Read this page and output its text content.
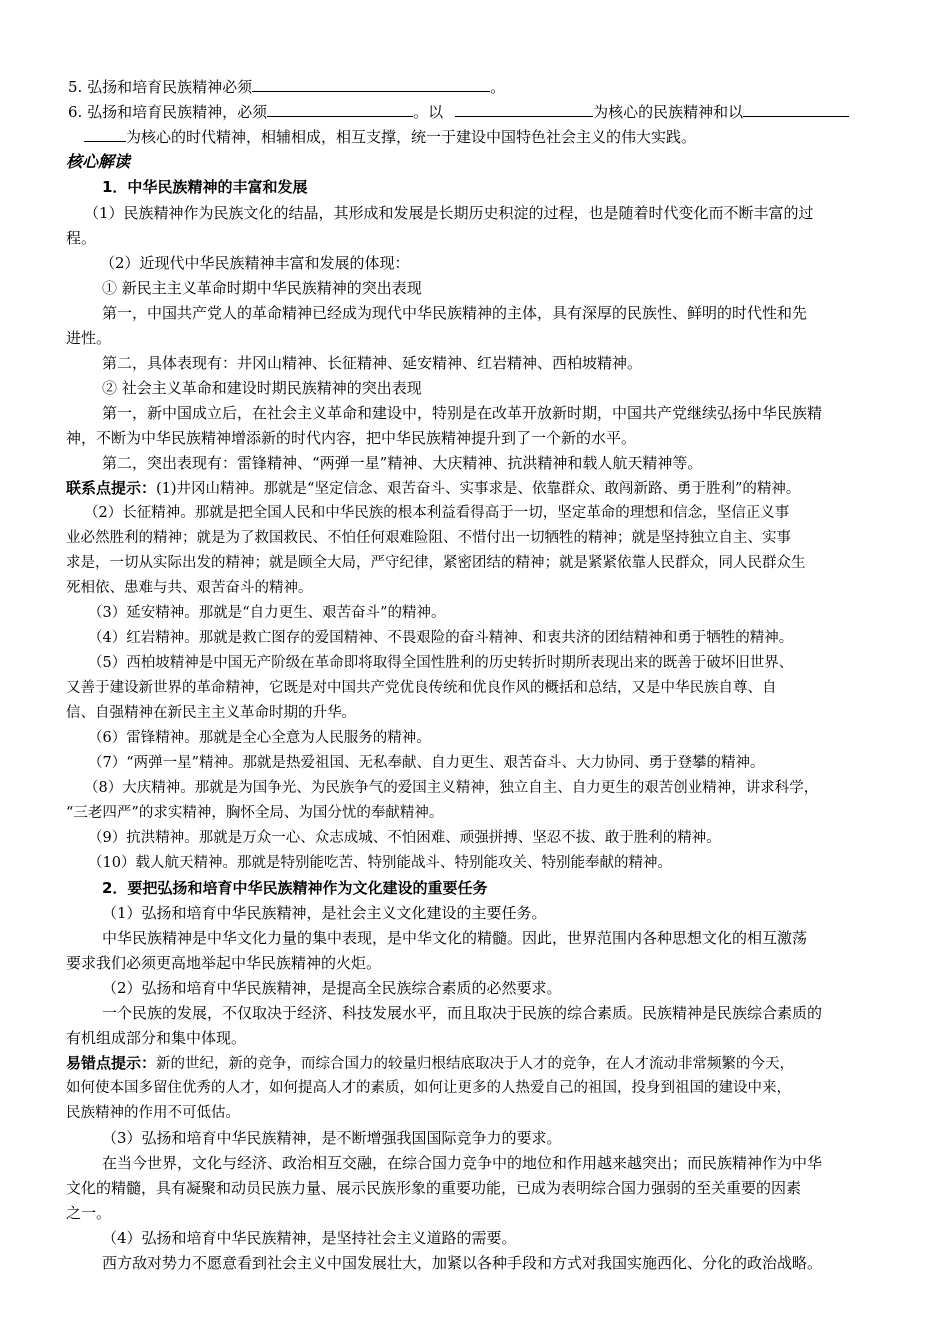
5. 弘扬和培育民族精神必须	。
6. 弘扬和培育民族精神，必须	。以	为核心的民族精神和以
为核心的时代精神，相辅相成，相互支撑，统一于建设中国特色社会主义的伟大实践。
核心解读
1．中华民族精神的丰富和发展
（1）民族精神作为民族文化的结晶，其形成和发展是长期历史积淀的过程，也是随着时代变化而不断丰富的过
程。
（2）近现代中华民族精神丰富和发展的体现：
① 新民主主义革命时期中华民族精神的突出表现
第一，中国共产党人的革命精神已经成为现代中华民族精神的主体，具有深厚的民族性、鲜明的时代性和先
进性。
第二，具体表现有：井冈山精神、长征精神、延安精神、红岩精神、西柏坡精神。
② 社会主义革命和建设时期民族精神的突出表现
第一，新中国成立后，在社会主义革命和建设中，特别是在改革开放新时期，中国共产党继续弘扬中华民族精
神，不断为中华民族精神增添新的时代内容，把中华民族精神提升到了一个新的水平。
第二，突出表现有：雷锋精神、“两弹一星”精神、大庆精神、抗洪精神和载人航天精神等。
联系点提示：(1)井冈山精神。那就是“坚定信念、艰苦奋斗、实事求是、依靠群众、敢闯新路、勇于胜利”的精神。
（2）长征精神。那就是把全国人民和中华民族的根本利益看得高于一切，坚定革命的理想和信念，坚信正义事
业必然胜利的精神；就是为了救国救民、不怕任何艰难险阻、不惜付出一切牺牲的精神；就是坚持独立自主、实事
求是，一切从实际出发的精神；就是顾全大局，严守纪律，紧密团结的精神；就是紧紧依靠人民群众，同人民群众生
死相依、患难与共、艰苦奋斗的精神。
（3）延安精神。那就是“自力更生、艰苦奋斗”的精神。
（4）红岩精神。那就是救亡图存的爱国精神、不畏艰险的奋斗精神、和衷共济的团结精神和勇于牺牲的精神。
（5）西柏坡精神是中国无产阶级在革命即将取得全国性胜利的历史转折时期所表现出来的既善于破坏旧世界、
又善于建设新世界的革命精神，它既是对中国共产党优良传统和优良作风的概括和总结，又是中华民族自尊、自
信、自强精神在新民主主义革命时期的升华。
（6）雷锋精神。那就是全心全意为人民服务的精神。
（7）“两弹一星”精神。那就是热爱祖国、无私奉献、自力更生、艰苦奋斗、大力协同、勇于登攀的精神。
（8）大庆精神。那就是为国争光、为民族争气的爱国主义精神，独立自主、自力更生的艰苦创业精神，讲求科学，
“三老四严”的求实精神，胸怀全局、为国分忧的奉献精神。
（9）抗洪精神。那就是万众一心、众志成城、不怕困难、顽强拼搏、坚忍不拔、敢于胜利的精神。
（10）载人航天精神。那就是特别能吃苦、特别能战斗、特别能攻关、特别能奉献的精神。
2．要把弘扬和培育中华民族精神作为文化建设的重要任务
（1）弘扬和培育中华民族精神，是社会主义文化建设的主要任务。
中华民族精神是中华文化力量的集中表现，是中华文化的精髓。因此，世界范围内各种思想文化的相互激荡
要求我们必须更高地举起中华民族精神的火炬。
（2）弘扬和培育中华民族精神，是提高全民族综合素质的必然要求。
一个民族的发展，不仅取决于经济、科技发展水平，而且取决于民族的综合素质。民族精神是民族综合素质的
有机组成部分和集中体现。
易错点提示：新的世纪，新的竞争，而综合国力的较量归根结底取决于人才的竞争，在人才流动非常频繁的今天，
如何使本国多留住优秀的人才，如何提高人才的素质，如何让更多的人热爱自己的祖国，投身到祖国的建设中来，
民族精神的作用不可低估。
（3）弘扬和培育中华民族精神，是不断增强我国国际竞争力的要求。
在当今世界，文化与经济、政治相互交融，在综合国力竞争中的地位和作用越来越突出；而民族精神作为中华
文化的精髓，具有凝聚和动员民族力量、展示民族形象的重要功能，已成为表明综合国力强弱的至关重要的因素
之一。
（4）弘扬和培育中华民族精神，是坚持社会主义道路的需要。
西方敌对势力不愿意看到社会主义中国发展壮大，加紧以各种手段和方式对我国实施西化、分化的政治战略。
